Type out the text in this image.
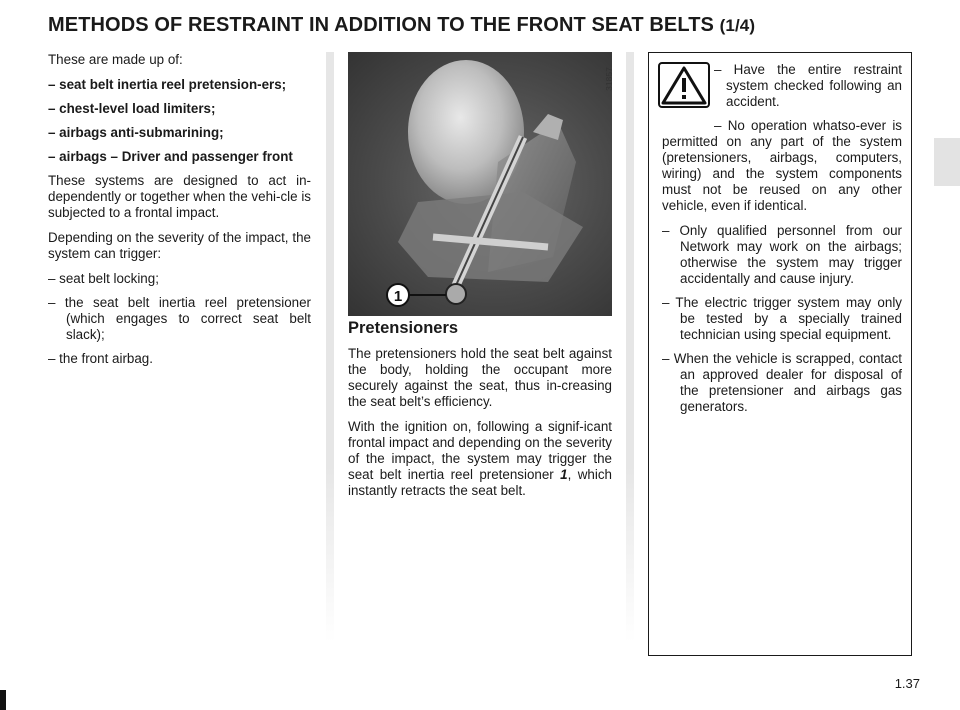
METHODS OF RESTRAINT IN ADDITION TO THE FRONT SEAT BELTS (1/4)

These are made up of:

– seat belt inertia reel pretension-ers;
– chest-level load limiters;
– airbags anti-submarining;
– airbags – Driver and passenger front

These systems are designed to act in-dependently or together when the vehi-cle is subjected to a frontal impact.

Depending on the severity of the impact, the system can trigger:

– seat belt locking;
– the seat belt inertia reel pretensioner (which engages to correct seat belt slack);
– the front airbag.
1
31857

Pretensioners

The pretensioners hold the seat belt against the body, holding the occupant more securely against the seat, thus in-creasing the seat belt’s efficiency.

With the ignition on, following a signif-icant frontal impact and depending on the severity of the impact, the system may trigger the seat belt inertia reel pretensioner 1, which instantly retracts the seat belt.

– Have the entire restraint system checked following an accident.

– No operation whatso-ever is permitted on any part of the system (pretensioners, airbags, computers, wiring) and the system components must not be reused on any other vehicle, even if identical.

– Only qualified personnel from our Network may work on the airbags; otherwise the system may trigger accidentally and cause injury.
– The electric trigger system may only be tested by a specially trained technician using special equipment.
– When the vehicle is scrapped, contact an approved dealer for disposal of the pretensioner and airbags gas generators.
1.37
